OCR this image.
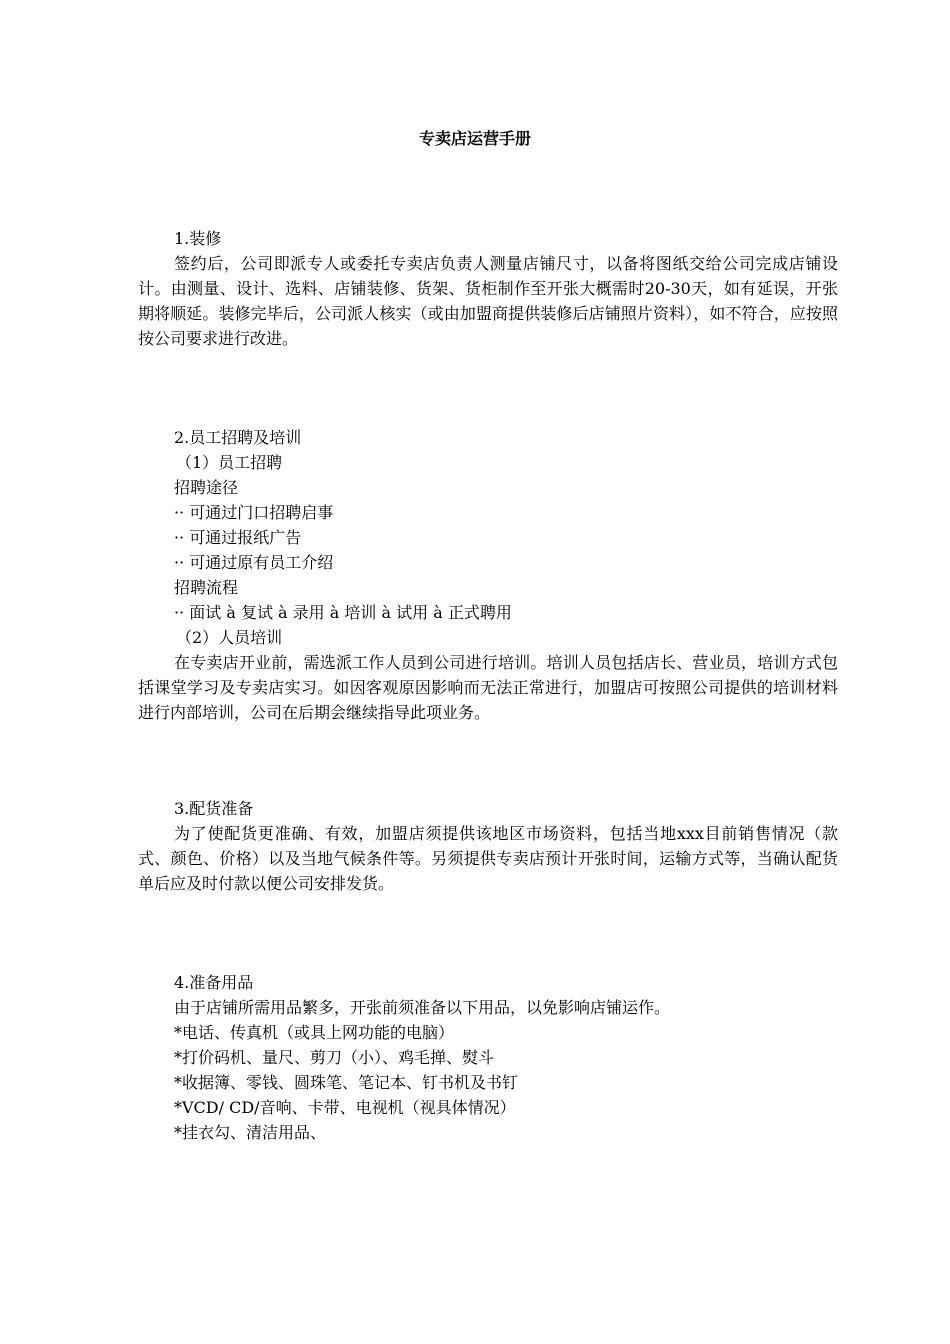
专卖店运营手册
1.装修
签约后，公司即派专人或委托专卖店负责人测量店铺尺寸，以备将图纸交给公司完成店铺设计。由测量、设计、选料、店铺装修、货架、货柜制作至开张大概需时20-30天，如有延误，开张期将顺延。装修完毕后，公司派人核实（或由加盟商提供装修后店铺照片资料），如不符合，应按照按公司要求进行改进。
2.员工招聘及培训
（1）员工招聘
招聘途径
·· 可通过门口招聘启事
·· 可通过报纸广告
·· 可通过原有员工介绍
招聘流程
·· 面试 à 复试 à 录用 à 培训 à 试用 à 正式聘用
（2）人员培训
在专卖店开业前，需选派工作人员到公司进行培训。培训人员包括店长、营业员，培训方式包括课堂学习及专卖店实习。如因客观原因影响而无法正常进行，加盟店可按照公司提供的培训材料进行内部培训，公司在后期会继续指导此项业务。
3.配货准备
为了使配货更准确、有效，加盟店须提供该地区市场资料，包括当地xxx目前销售情况（款式、颜色、价格）以及当地气候条件等。另须提供专卖店预计开张时间，运输方式等，当确认配货单后应及时付款以便公司安排发货。
4.准备用品
由于店铺所需用品繁多，开张前须准备以下用品，以免影响店铺运作。
*电话、传真机（或具上网功能的电脑）
*打价码机、量尺、剪刀（小）、鸡毛掸、熨斗
*收据簿、零钱、圆珠笔、笔记本、钉书机及书钉
*VCD/ CD/音响、卡带、电视机（视具体情况）
*挂衣勾、清洁用品、
